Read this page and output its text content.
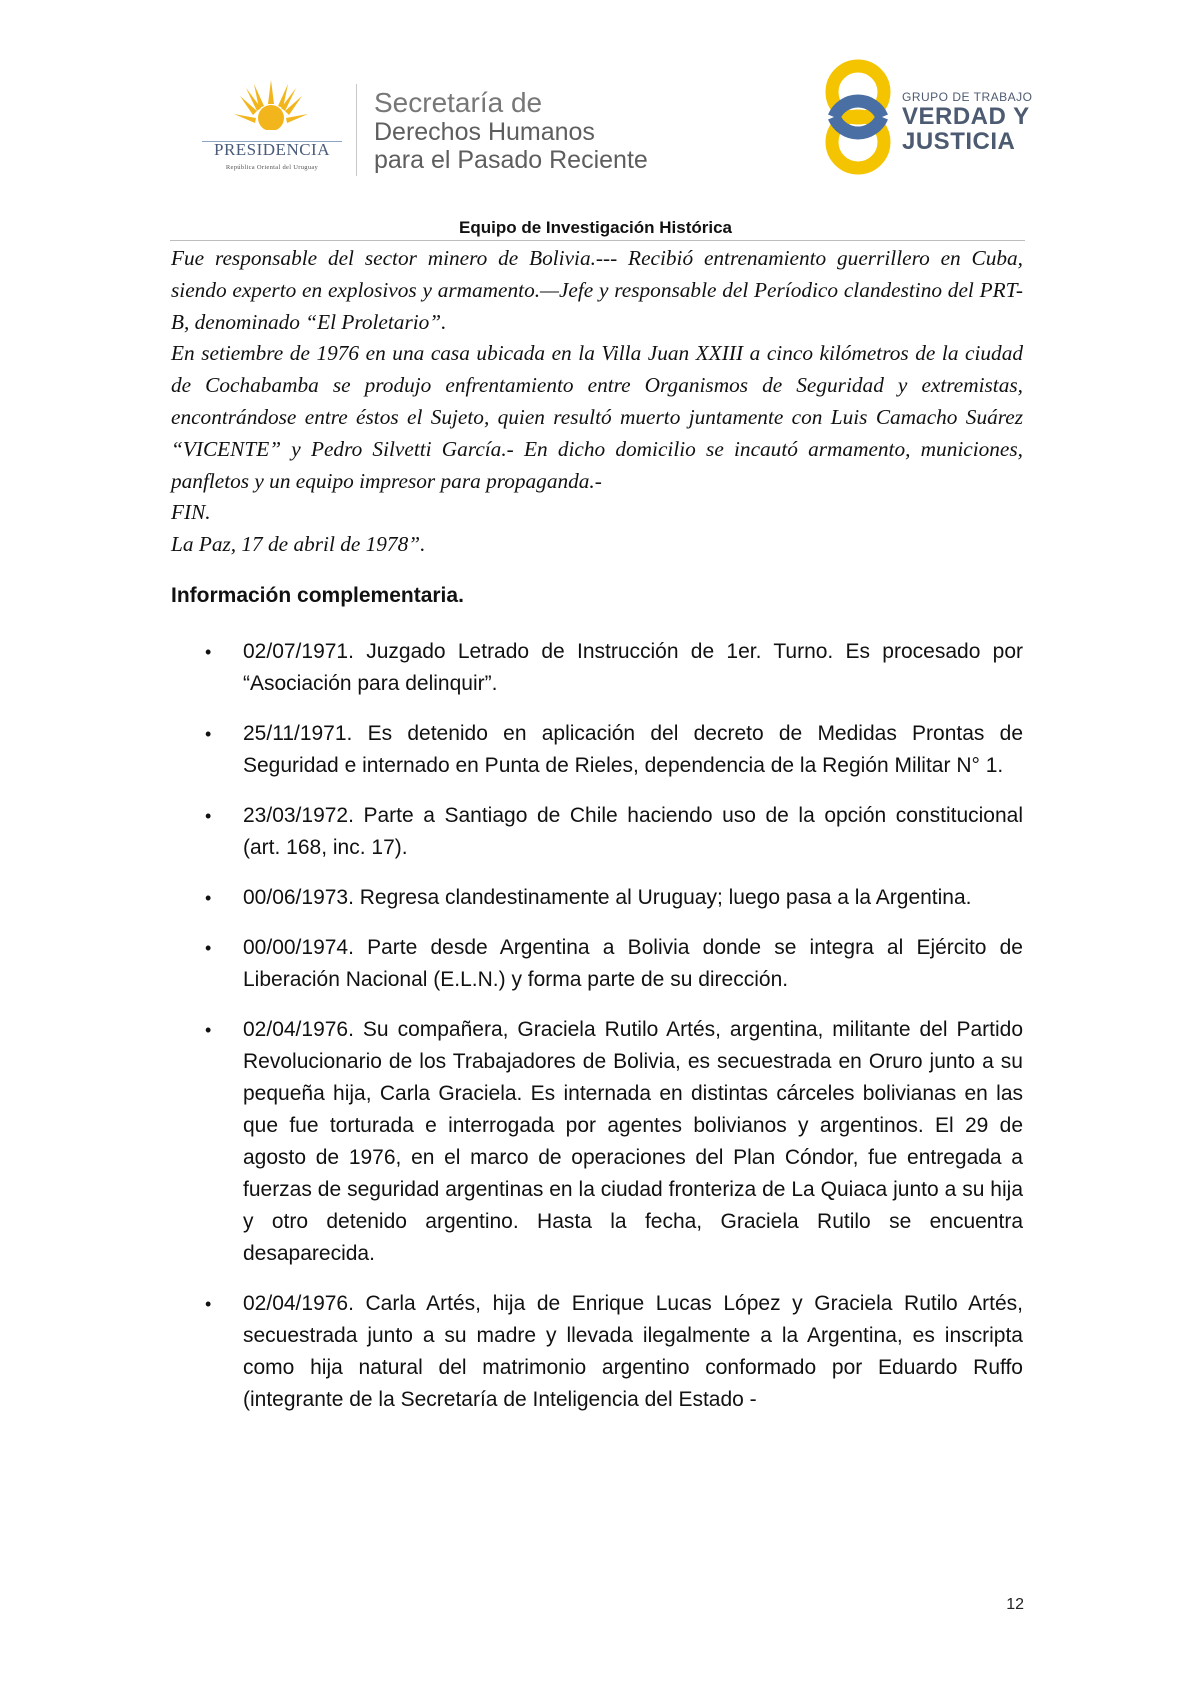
PRESIDENCIA
República Oriental del Uruguay
Secretaría de
Derechos Humanos
para el Pasado Reciente
GRUPO DE TRABAJO
VERDAD Y
JUSTICIA
Equipo de Investigación Histórica

Fue responsable del sector minero de Bolivia.--- Recibió entrenamiento guerrillero en Cuba, siendo experto en explosivos y armamento.—Jefe y responsable del Períodico clandestino del PRT- B, denominado “El Proletario”.

En setiembre de 1976 en una casa ubicada en la Villa Juan XXIII a cinco kilómetros de la ciudad de Cochabamba se produjo enfrentamiento entre Organismos de Seguridad y extremistas, encontrándose entre éstos el Sujeto, quien resultó muerto juntamente con Luis Camacho Suárez “VICENTE” y Pedro Silvetti García.- En dicho domicilio se incautó armamento, municiones, panfletos y un equipo impresor para propaganda.-

FIN.

La Paz, 17 de abril de 1978”.

Información complementaria.
• 02/07/1971. Juzgado Letrado de Instrucción de 1er. Turno. Es procesado por “Asociación para delinquir”.
• 25/11/1971. Es detenido en aplicación del decreto de Medidas Prontas de Seguridad e internado en Punta de Rieles, dependencia de la Región Militar N° 1.
• 23/03/1972. Parte a Santiago de Chile haciendo uso de la opción constitucional (art. 168, inc. 17).
• 00/06/1973. Regresa clandestinamente al Uruguay; luego pasa a la Argentina.
• 00/00/1974. Parte desde Argentina a Bolivia donde se integra al Ejército de Liberación Nacional (E.L.N.) y forma parte de su dirección.
• 02/04/1976. Su compañera, Graciela Rutilo Artés, argentina, militante del Partido Revolucionario de los Trabajadores de Bolivia, es secuestrada en Oruro junto a su pequeña hija, Carla Graciela. Es internada en distintas cárceles bolivianas en las que fue torturada e interrogada por agentes bolivianos y argentinos. El 29 de agosto de 1976, en el marco de operaciones del Plan Cóndor, fue entregada a fuerzas de seguridad argentinas en la ciudad fronteriza de La Quiaca junto a su hija y otro detenido argentino. Hasta la fecha, Graciela Rutilo se encuentra desaparecida.
• 02/04/1976. Carla Artés, hija de Enrique Lucas López y Graciela Rutilo Artés, secuestrada junto a su madre y llevada ilegalmente a la Argentina, es inscripta como hija natural del matrimonio argentino conformado por Eduardo Ruffo (integrante de la Secretaría de Inteligencia del Estado -
12
